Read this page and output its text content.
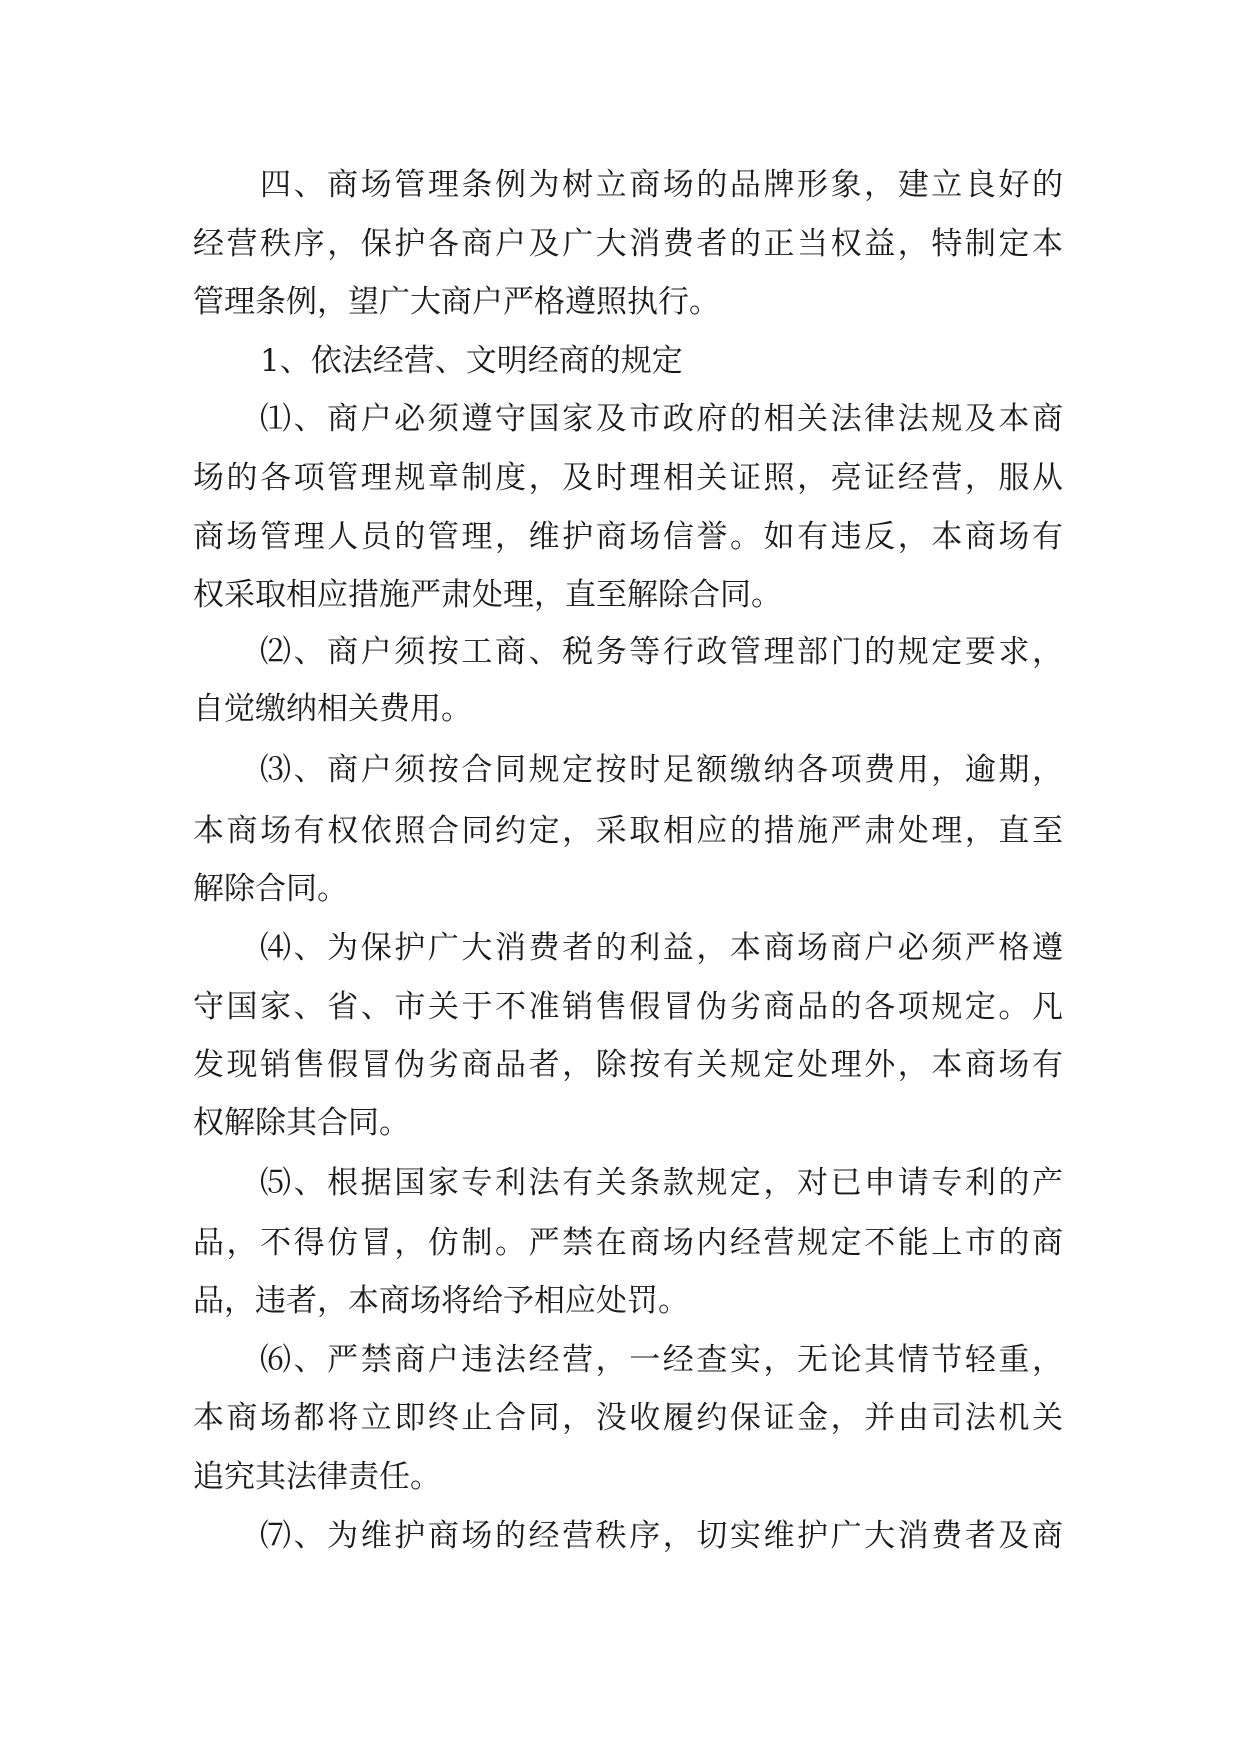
四、商场管理条例为树立商场的品牌形象，建立良好的
经营秩序，保护各商户及广大消费者的正当权益，特制定本
管理条例，望广大商户严格遵照执行。
1、依法经营、文明经商的规定
⑴、商户必须遵守国家及市政府的相关法律法规及本商
场的各项管理规章制度，及时理相关证照，亮证经营，服从
商场管理人员的管理，维护商场信誉。如有违反，本商场有
权采取相应措施严肃处理，直至解除合同。
⑵、商户须按工商、税务等行政管理部门的规定要求，
自觉缴纳相关费用。
⑶、商户须按合同规定按时足额缴纳各项费用，逾期，
本商场有权依照合同约定，采取相应的措施严肃处理，直至
解除合同。
⑷、为保护广大消费者的利益，本商场商户必须严格遵
守国家、省、市关于不准销售假冒伪劣商品的各项规定。凡
发现销售假冒伪劣商品者，除按有关规定处理外，本商场有
权解除其合同。
⑸、根据国家专利法有关条款规定，对已申请专利的产
品，不得仿冒，仿制。严禁在商场内经营规定不能上市的商
品，违者，本商场将给予相应处罚。
⑹、严禁商户违法经营，一经查实，无论其情节轻重，
本商场都将立即终止合同，没收履约保证金，并由司法机关
追究其法律责任。
⑺、为维护商场的经营秩序，切实维护广大消费者及商
